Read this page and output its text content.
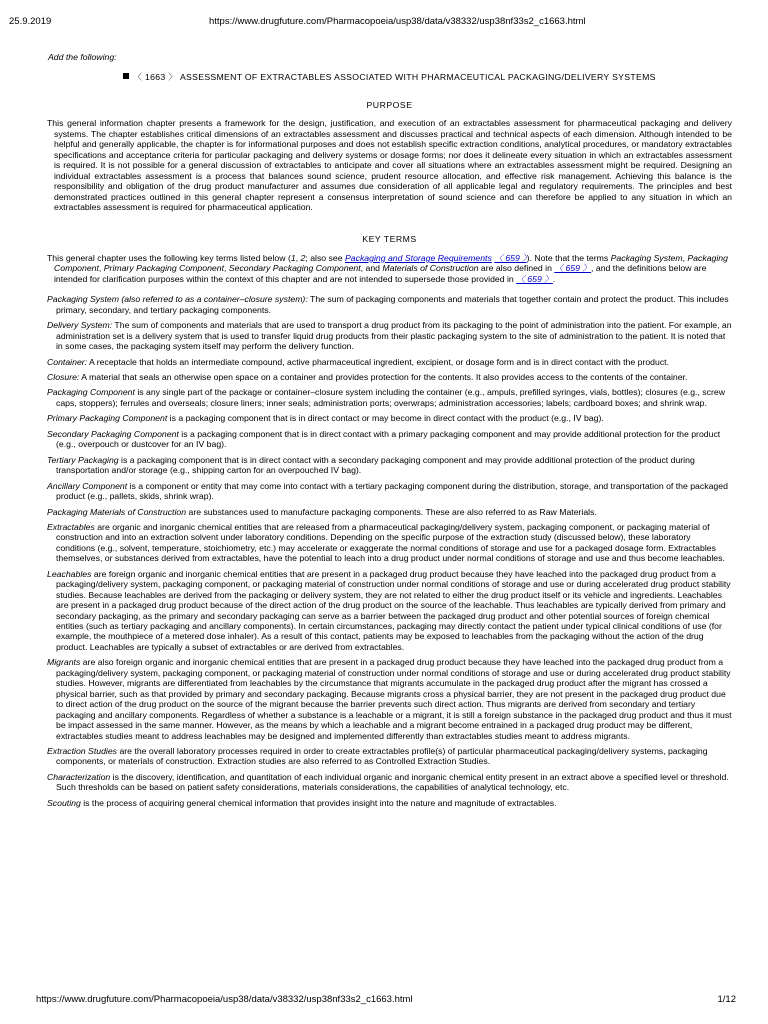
25.9.2019	https://www.drugfuture.com/Pharmacopoeia/usp38/data/v38332/usp38nf33s2_c1663.html
Add the following:
〈 1663 〉 ASSESSMENT OF EXTRACTABLES ASSOCIATED WITH PHARMACEUTICAL PACKAGING/DELIVERY SYSTEMS
PURPOSE
This general information chapter presents a framework for the design, justification, and execution of an extractables assessment for pharmaceutical packaging and delivery systems. The chapter establishes critical dimensions of an extractables assessment and discusses practical and technical aspects of each dimension. Although intended to be helpful and generally applicable, the chapter is for informational purposes and does not establish specific extraction conditions, analytical procedures, or mandatory extractables specifications and acceptance criteria for particular packaging and delivery systems or dosage forms; nor does it delineate every situation in which an extractables assessment is required. It is not possible for a general discussion of extractables to anticipate and cover all situations where an extractables assessment might be required. Designing an individual extractables assessment is a process that balances sound science, prudent resource allocation, and effective risk management. Achieving this balance is the responsibility and obligation of the drug product manufacturer and assumes due consideration of all applicable legal and regulatory requirements. The principles and best demonstrated practices outlined in this general chapter represent a consensus interpretation of sound science and can therefore be applied to any situation in which an extractables assessment is required for pharmaceutical application.
KEY TERMS
This general chapter uses the following key terms listed below (1, 2; also see Packaging and Storage Requirements 〈 659 〉). Note that the terms Packaging System, Packaging Component, Primary Packaging Component, Secondary Packaging Component, and Materials of Construction are also defined in 〈 659 〉, and the definitions below are intended for clarification purposes within the context of this chapter and are not intended to supersede those provided in 〈 659 〉.
Packaging System (also referred to as a container–closure system): The sum of packaging components and materials that together contain and protect the product. This includes primary, secondary, and tertiary packaging components.
Delivery System: The sum of components and materials that are used to transport a drug product from its packaging to the point of administration into the patient. For example, an administration set is a delivery system that is used to transfer liquid drug products from their plastic packaging system to the site of administration to the patient. It is noted that in some cases, the packaging system itself may perform the delivery function.
Container: A receptacle that holds an intermediate compound, active pharmaceutical ingredient, excipient, or dosage form and is in direct contact with the product.
Closure: A material that seals an otherwise open space on a container and provides protection for the contents. It also provides access to the contents of the container.
Packaging Component is any single part of the package or container–closure system including the container (e.g., ampuls, prefilled syringes, vials, bottles); closures (e.g., screw caps, stoppers); ferrules and overseals; closure liners; inner seals; administration ports; overwraps; administration accessories; labels; cardboard boxes; and shrink wrap.
Primary Packaging Component is a packaging component that is in direct contact or may become in direct contact with the product (e.g., IV bag).
Secondary Packaging Component is a packaging component that is in direct contact with a primary packaging component and may provide additional protection for the product (e.g., overpouch or dustcover for an IV bag).
Tertiary Packaging is a packaging component that is in direct contact with a secondary packaging component and may provide additional protection of the product during transportation and/or storage (e.g., shipping carton for an overpouched IV bag).
Ancillary Component is a component or entity that may come into contact with a tertiary packaging component during the distribution, storage, and transportation of the packaged product (e.g., pallets, skids, shrink wrap).
Packaging Materials of Construction are substances used to manufacture packaging components. These are also referred to as Raw Materials.
Extractables are organic and inorganic chemical entities that are released from a pharmaceutical packaging/delivery system, packaging component, or packaging material of construction and into an extraction solvent under laboratory conditions. Depending on the specific purpose of the extraction study (discussed below), these laboratory conditions (e.g., solvent, temperature, stoichiometry, etc.) may accelerate or exaggerate the normal conditions of storage and use for a packaged dosage form. Extractables themselves, or substances derived from extractables, have the potential to leach into a drug product under normal conditions of storage and use and thus become leachables.
Leachables are foreign organic and inorganic chemical entities that are present in a packaged drug product because they have leached into the packaged drug product from a packaging/delivery system, packaging component, or packaging material of construction under normal conditions of storage and use or during accelerated drug product stability studies. Because leachables are derived from the packaging or delivery system, they are not related to either the drug product itself or its vehicle and ingredients. Leachables are present in a packaged drug product because of the direct action of the drug product on the source of the leachable. Thus leachables are typically derived from primary and secondary packaging, as the primary and secondary packaging can serve as a barrier between the packaged drug product and other potential sources of foreign chemical entities (such as tertiary packaging and ancillary components). In certain circumstances, packaging may directly contact the patient under typical clinical conditions of use (for example, the mouthpiece of a metered dose inhaler). As a result of this contact, patients may be exposed to leachables from the packaging without the action of the drug product. Leachables are typically a subset of extractables or are derived from extractables.
Migrants are also foreign organic and inorganic chemical entities that are present in a packaged drug product because they have leached into the packaged drug product from a packaging/delivery system, packaging component, or packaging material of construction under normal conditions of storage and use or during accelerated drug product stability studies. However, migrants are differentiated from leachables by the circumstance that migrants accumulate in the packaged drug product after the migrant has crossed a physical barrier, such as that provided by primary and secondary packaging. Because migrants cross a physical barrier, they are not present in the packaged drug product due to direct action of the drug product on the source of the migrant because the barrier prevents such direct action. Thus migrants are derived from secondary and tertiary packaging and ancillary components. Regardless of whether a substance is a leachable or a migrant, it is still a foreign substance in the packaged drug product and thus it must be impact assessed in the same manner. However, as the means by which a leachable and a migrant become entrained in a packaged drug product may be different, extractables studies meant to address leachables may be designed and implemented differently than extractables studies meant to address migrants.
Extraction Studies are the overall laboratory processes required in order to create extractables profile(s) of particular pharmaceutical packaging/delivery systems, packaging components, or materials of construction. Extraction studies are also referred to as Controlled Extraction Studies.
Characterization is the discovery, identification, and quantitation of each individual organic and inorganic chemical entity present in an extract above a specified level or threshold. Such thresholds can be based on patient safety considerations, materials considerations, the capabilities of analytical technology, etc.
Scouting is the process of acquiring general chemical information that provides insight into the nature and magnitude of extractables.
https://www.drugfuture.com/Pharmacopoeia/usp38/data/v38332/usp38nf33s2_c1663.html	1/12
